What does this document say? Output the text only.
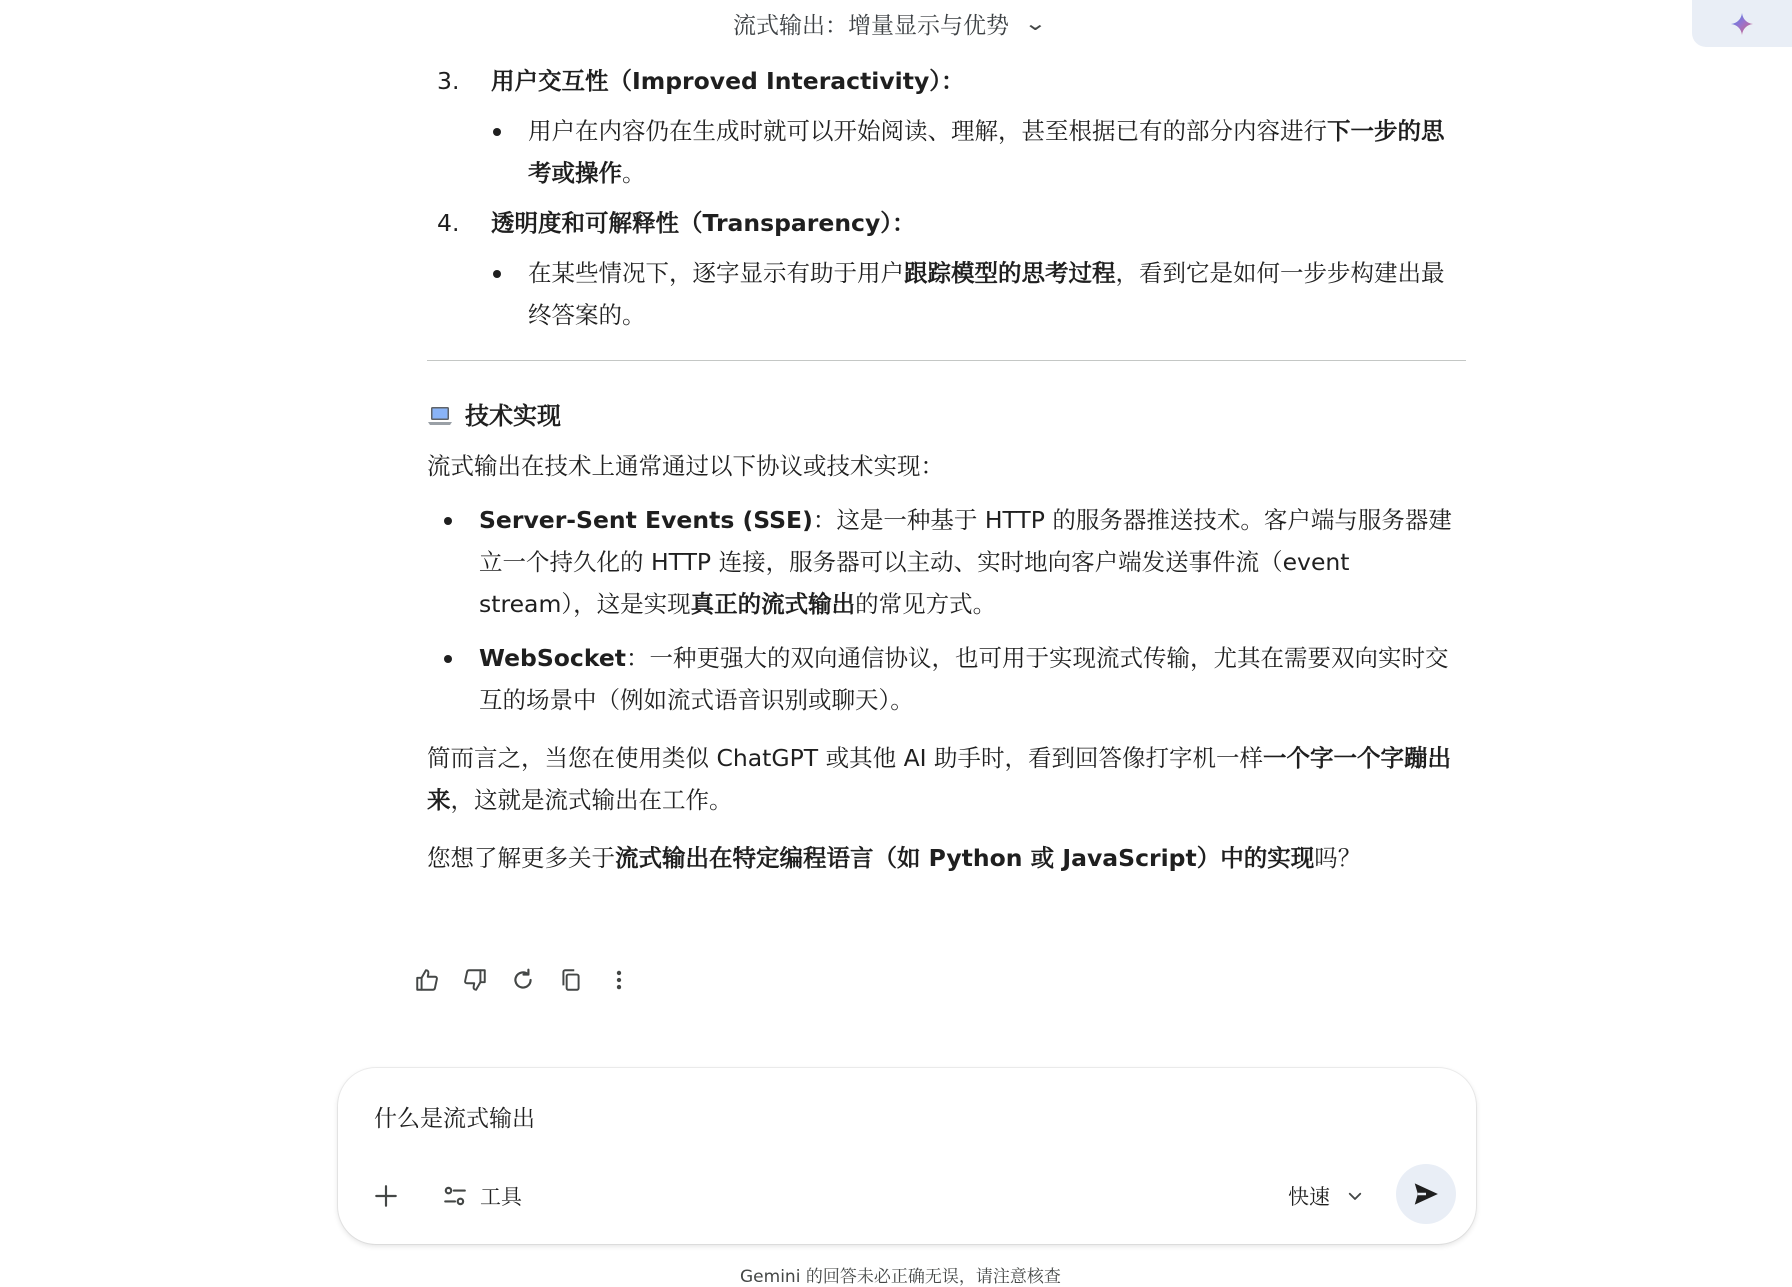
流式输出：增量显示与优势 ⌄
3. 用户交互性（Improved Interactivity）：
用户在内容仍在生成时就可以开始阅读、理解，甚至根据已有的部分内容进行下一步的思考或操作。
4. 透明度和可解释性（Transparency）：
在某些情况下，逐字显示有助于用户跟踪模型的思考过程，看到它是如何一步步构建出最终答案的。
技术实现
流式输出在技术上通常通过以下协议或技术实现：
Server-Sent Events (SSE)：这是一种基于 HTTP 的服务器推送技术。客户端与服务器建立一个持久化的 HTTP 连接，服务器可以主动、实时地向客户端发送事件流（event stream），这是实现真正的流式输出的常见方式。
WebSocket：一种更强大的双向通信协议，也可用于实现流式传输，尤其在需要双向实时交互的场景中（例如流式语音识别或聊天）。
简而言之，当您在使用类似 ChatGPT 或其他 AI 助手时，看到回答像打字机一样一个字一个字蹦出来，这就是流式输出在工作。
您想了解更多关于流式输出在特定编程语言（如 Python 或 JavaScript）中的实现吗？
什么是流式输出
工具	快速
Gemini 的回答未必正确无误，请注意核查
